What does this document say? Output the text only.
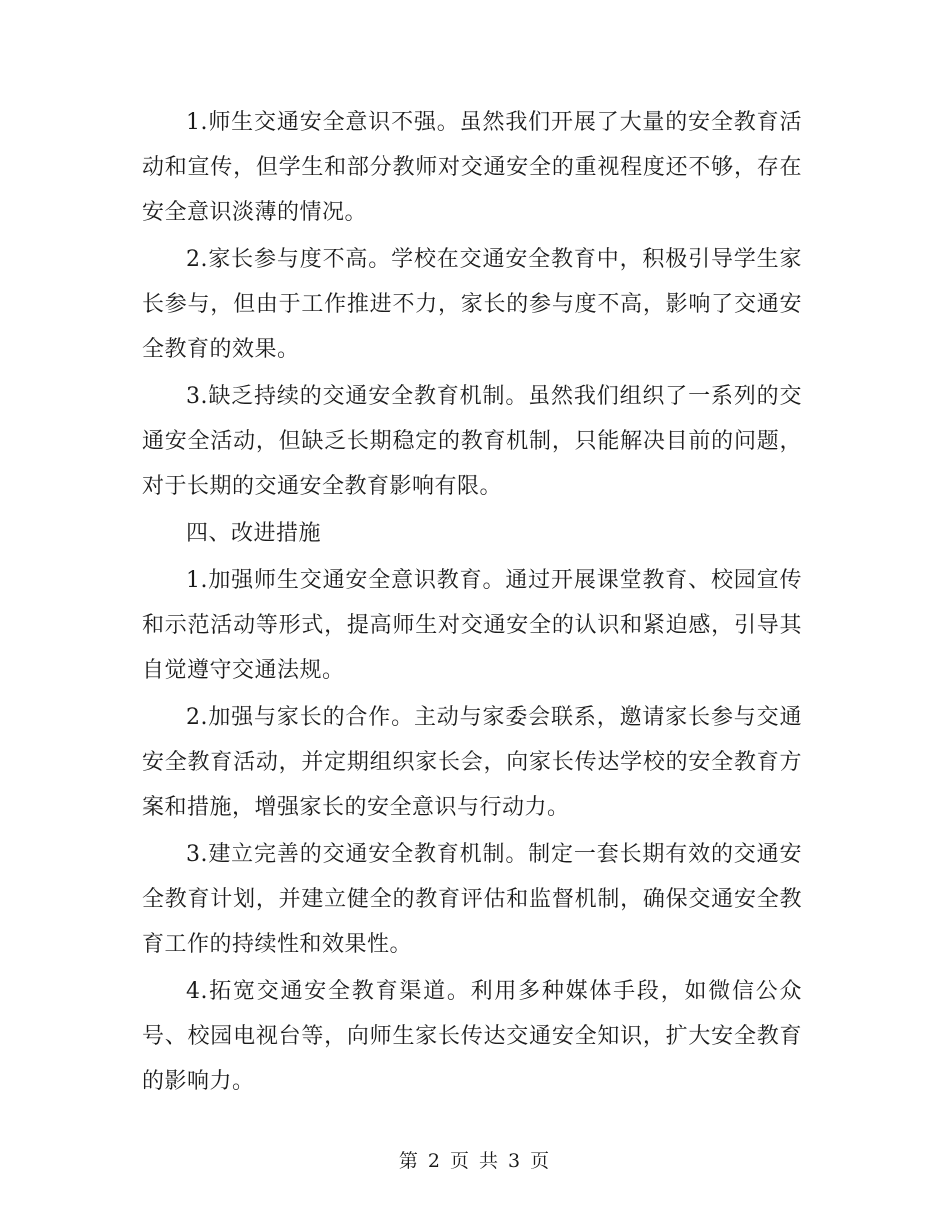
1.师生交通安全意识不强。虽然我们开展了大量的安全教育活动和宣传，但学生和部分教师对交通安全的重视程度还不够，存在安全意识淡薄的情况。

2.家长参与度不高。学校在交通安全教育中，积极引导学生家长参与，但由于工作推进不力，家长的参与度不高，影响了交通安全教育的效果。

3.缺乏持续的交通安全教育机制。虽然我们组织了一系列的交通安全活动，但缺乏长期稳定的教育机制，只能解决目前的问题，对于长期的交通安全教育影响有限。

四、改进措施

1.加强师生交通安全意识教育。通过开展课堂教育、校园宣传和示范活动等形式，提高师生对交通安全的认识和紧迫感，引导其自觉遵守交通法规。

2.加强与家长的合作。主动与家委会联系，邀请家长参与交通安全教育活动，并定期组织家长会，向家长传达学校的安全教育方案和措施，增强家长的安全意识与行动力。

3.建立完善的交通安全教育机制。制定一套长期有效的交通安全教育计划，并建立健全的教育评估和监督机制，确保交通安全教育工作的持续性和效果性。

4.拓宽交通安全教育渠道。利用多种媒体手段，如微信公众号、校园电视台等，向师生家长传达交通安全知识，扩大安全教育的影响力。

第 2 页 共 3 页
